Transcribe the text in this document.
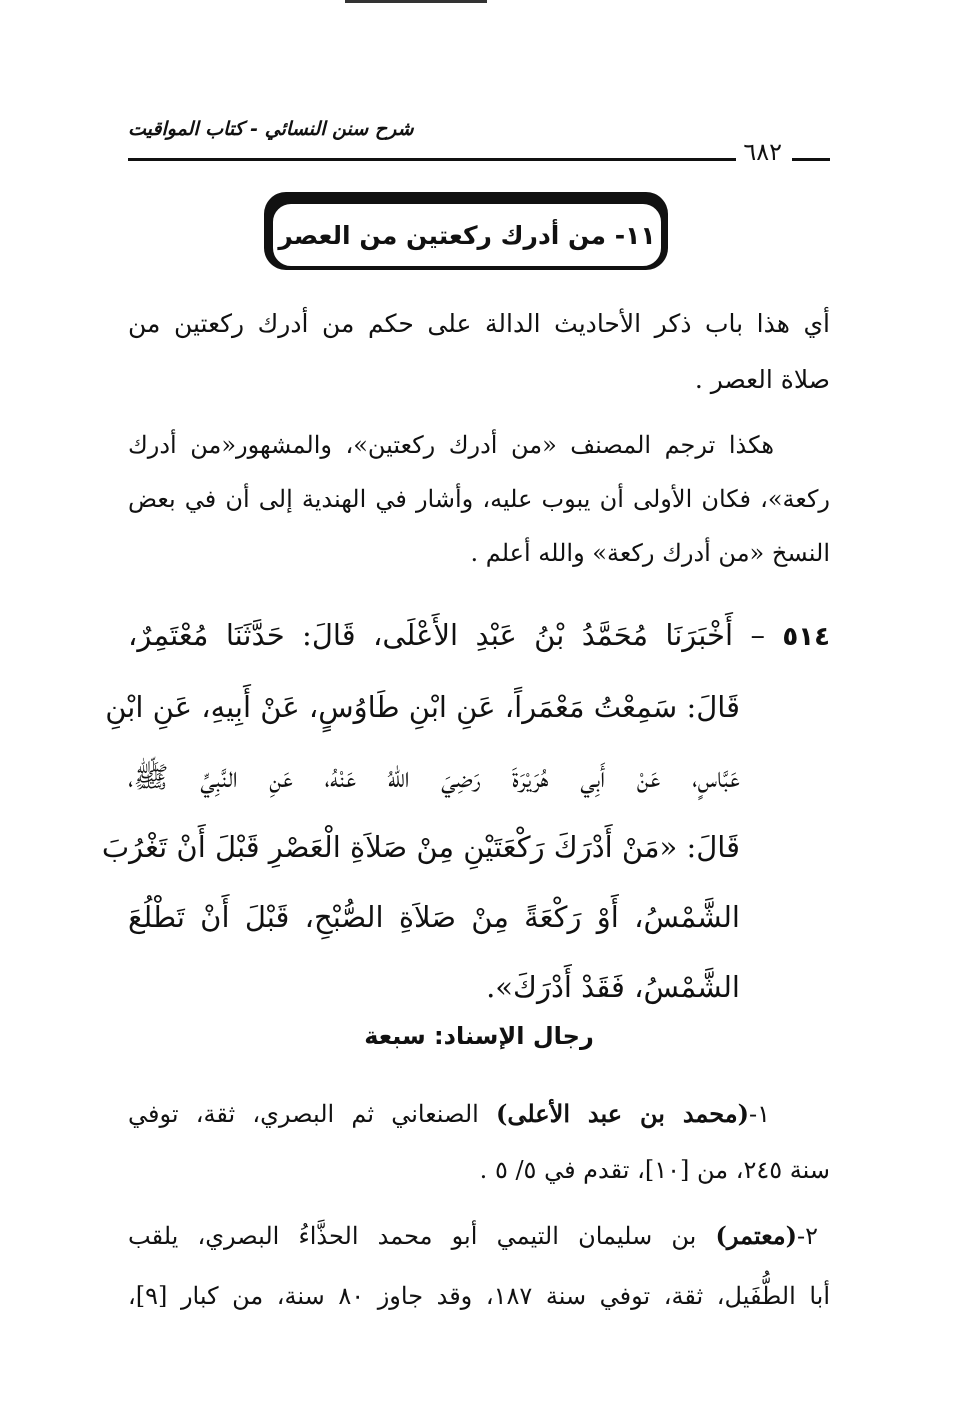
شرح سنن النسائي - كتاب المواقيت
٦٨٢
١١- من أدرك ركعتين من العصر
أي هذا باب ذكر الأحاديث الدالة على حكم من أدرك ركعتين من
صلاة العصر .
هكذا ترجم المصنف «من أدرك ركعتين»، والمشهور«من أدرك
ركعة»، فكان الأولى أن يبوب عليه، وأشار في الهندية إلى أن في بعض
النسخ «من أدرك ركعة» والله أعلم .
٥١٤ – أَخْبَرَنَا مُحَمَّدُ بْنُ عَبْدِ الأَعْلَى، قَالَ: حَدَّثَنَا مُعْتَمِرٌ،
قَالَ: سَمِعْتُ مَعْمَراً، عَنِ ابْنِ طَاوُسٍ، عَنْ أَبِيهِ، عَنِ ابْنِ
عَبَّاسٍ، عَنْ أَبِي هُرَيْرَةَ رَضِيَ اللهُ عَنْهُ، عَنِ النَّبِيِّ ﷺ،
قَالَ: «مَنْ أَدْرَكَ رَكْعَتَيْنِ مِنْ صَلاَةِ الْعَصْرِ قَبْلَ أَنْ تَغْرُبَ
الشَّمْسُ، أَوْ رَكْعَةً مِنْ صَلاَةِ الصُّبْحِ، قَبْلَ أَنْ تَطْلُعَ
الشَّمْسُ، فَقَدْ أَدْرَكَ».
رجال الإسناد: سبعة
١-(محمد بن عبد الأعلى) الصنعاني ثم البصري، ثقة، توفي
سنة ٢٤٥، من [١٠]، تقدم في ٥/ ٥ .
٢-(معتمر) بن سليمان التيمي أبو محمد الحذَّاءُ البصري، يلقب
أبا الطُّفَيل، ثقة، توفي سنة ١٨٧، وقد جاوز ٨٠ سنة، من كبار [٩]،
